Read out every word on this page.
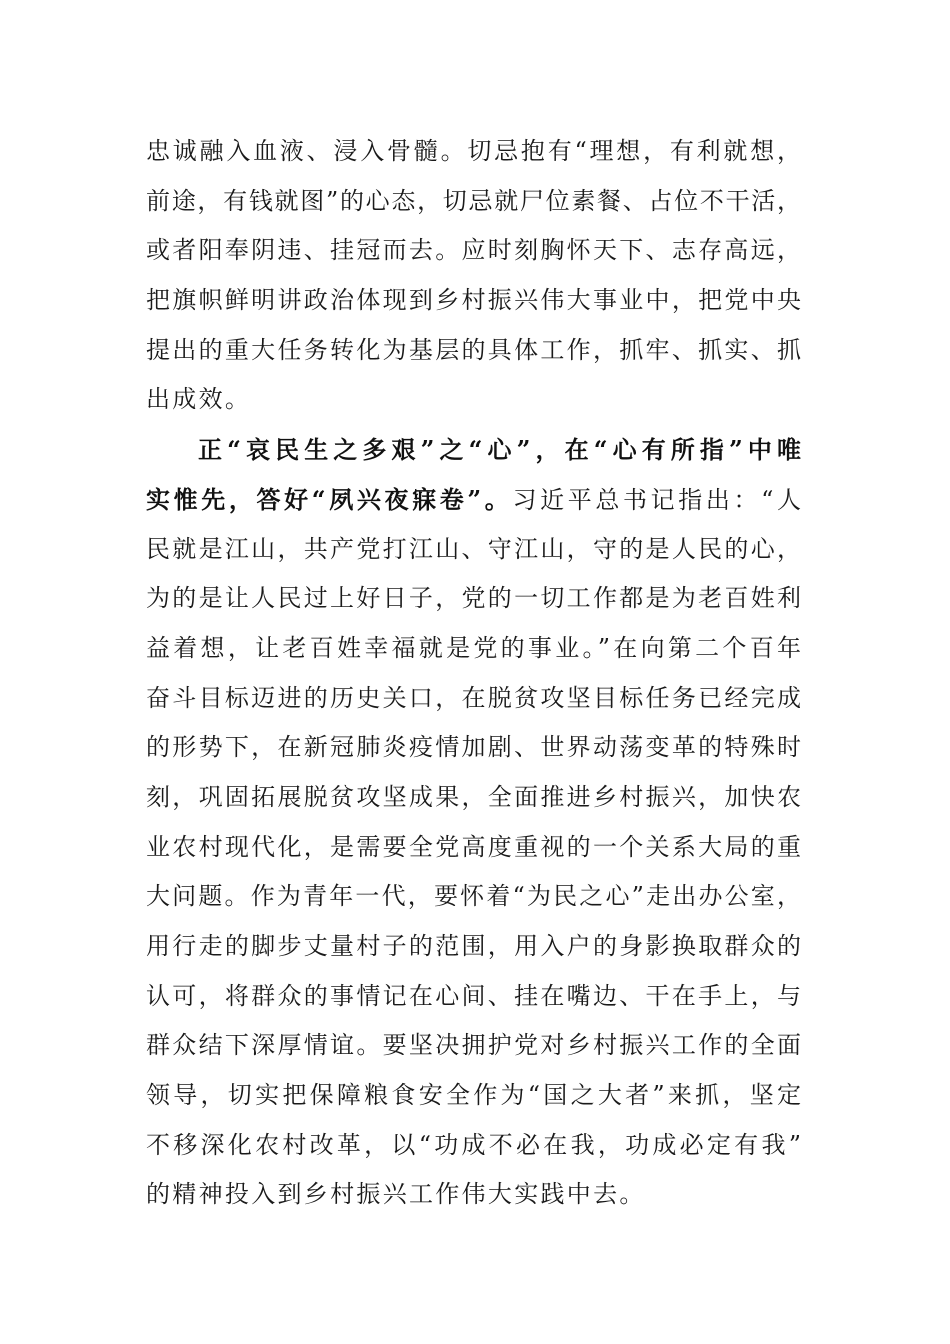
忠诚融入血液、浸入骨髓。切忌抱有“理想，有利就想，
前途，有钱就图”的心态，切忌就尸位素餐、占位不干活，
或者阳奉阴违、挂冠而去。应时刻胸怀天下、志存高远，
把旗帜鲜明讲政治体现到乡村振兴伟大事业中，把党中央
提出的重大任务转化为基层的具体工作，抓牢、抓实、抓
出成效。
正“哀民生之多艰”之“心”，在“心有所指”中唯
实惟先，答好“夙兴夜寐卷”。习近平总书记指出：“人
民就是江山，共产党打江山、守江山，守的是人民的心，
为的是让人民过上好日子，党的一切工作都是为老百姓利
益着想，让老百姓幸福就是党的事业。”在向第二个百年
奋斗目标迈进的历史关口，在脱贫攻坚目标任务已经完成
的形势下，在新冠肺炎疫情加剧、世界动荡变革的特殊时
刻，巩固拓展脱贫攻坚成果，全面推进乡村振兴，加快农
业农村现代化，是需要全党高度重视的一个关系大局的重
大问题。作为青年一代，要怀着“为民之心”走出办公室，
用行走的脚步丈量村子的范围，用入户的身影换取群众的
认可，将群众的事情记在心间、挂在嘴边、干在手上，与
群众结下深厚情谊。要坚决拥护党对乡村振兴工作的全面
领导，切实把保障粮食安全作为“国之大者”来抓，坚定
不移深化农村改革，以“功成不必在我，功成必定有我”
的精神投入到乡村振兴工作伟大实践中去。
